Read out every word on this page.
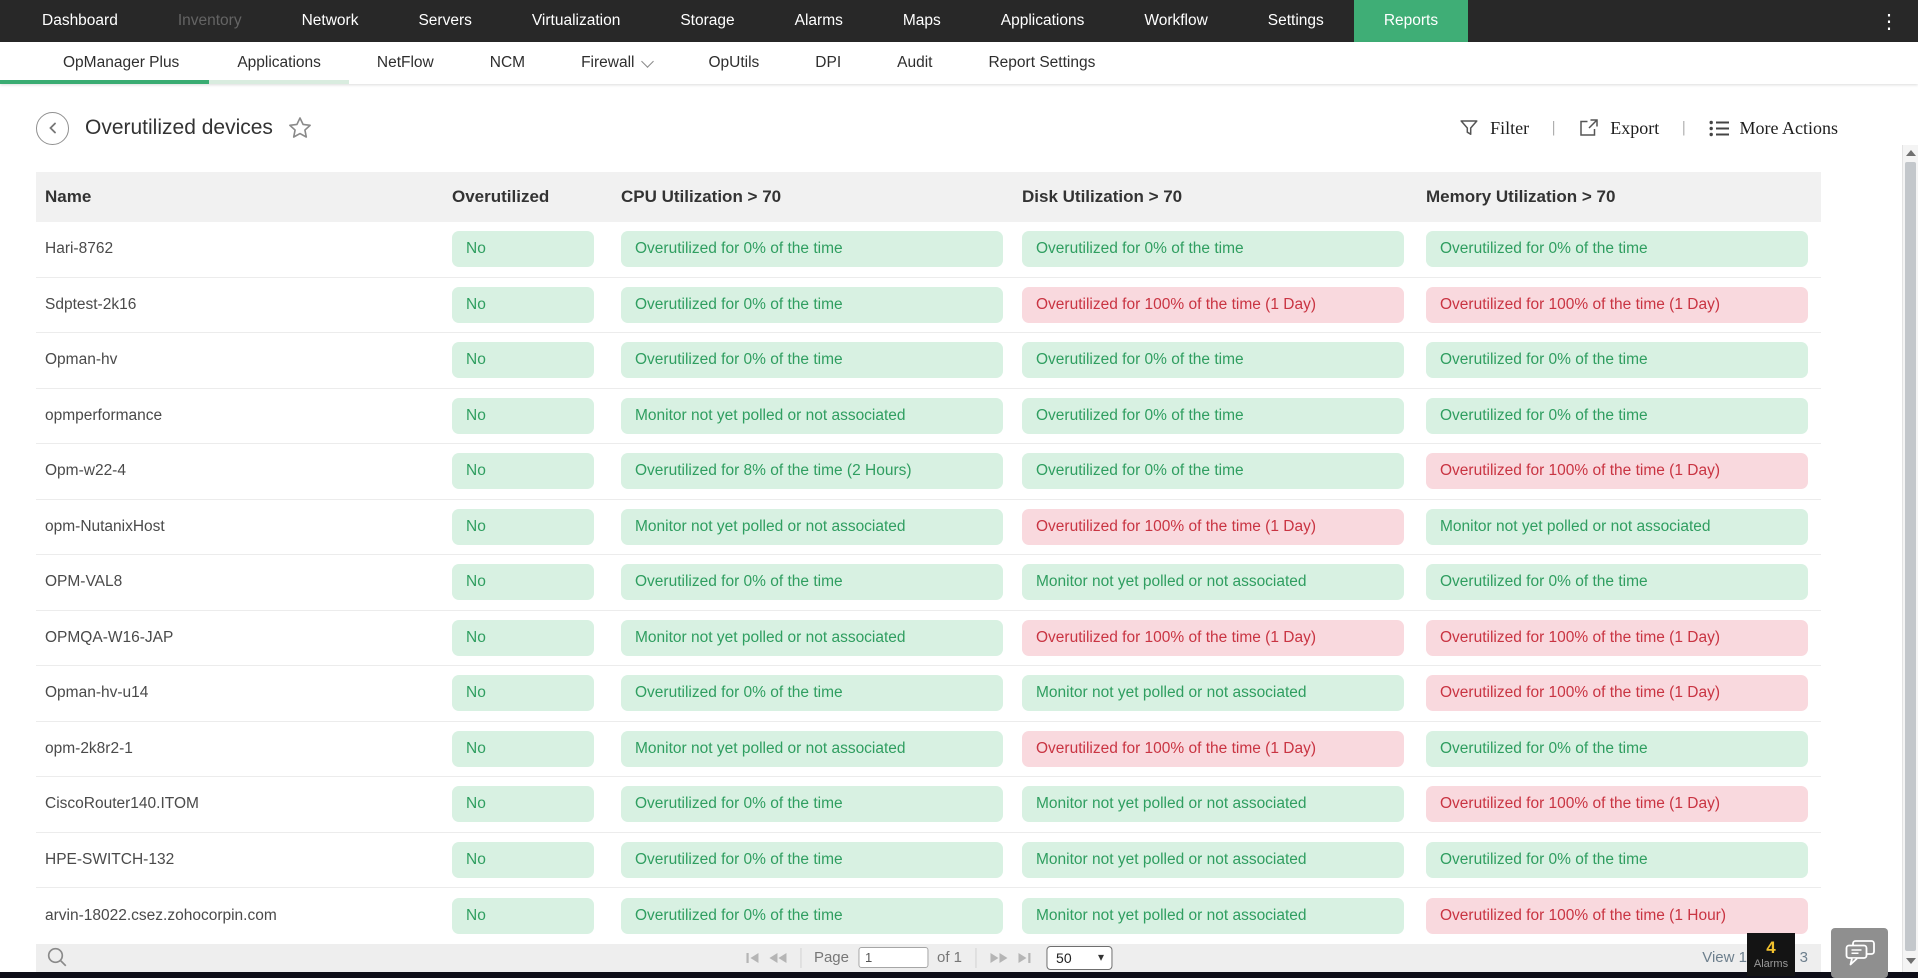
Dashboard	Inventory	Network	Servers	Virtualization	Storage	Alarms	Maps	Applications	Workflow	Settings	Reports	⋮
OpManager Plus	Applications	NetFlow	NCM	Firewall	OpUtils	DPI	Audit	Report Settings
Overutilized devices	Filter |	Export |	More Actions
Name	Overutilized	CPU Utilization > 70	Disk Utilization > 70	Memory Utilization > 70
Hari-8762	No	Overutilized for 0% of the time	Overutilized for 0% of the time	Overutilized for 0% of the time
Sdptest-2k16	No	Overutilized for 0% of the time	Overutilized for 100% of the time (1 Day)	Overutilized for 100% of the time (1 Day)
Opman-hv	No	Overutilized for 0% of the time	Overutilized for 0% of the time	Overutilized for 0% of the time
opmperformance	No	Monitor not yet polled or not associated	Overutilized for 0% of the time	Overutilized for 0% of the time
Opm-w22-4	No	Overutilized for 8% of the time (2 Hours)	Overutilized for 0% of the time	Overutilized for 100% of the time (1 Day)
opm-NutanixHost	No	Monitor not yet polled or not associated	Overutilized for 100% of the time (1 Day)	Monitor not yet polled or not associated
OPM-VAL8	No	Overutilized for 0% of the time	Monitor not yet polled or not associated	Overutilized for 0% of the time
OPMQA-W16-JAP	No	Monitor not yet polled or not associated	Overutilized for 100% of the time (1 Day)	Overutilized for 100% of the time (1 Day)
Opman-hv-u14	No	Overutilized for 0% of the time	Monitor not yet polled or not associated	Overutilized for 100% of the time (1 Day)
opm-2k8r2-1	No	Monitor not yet polled or not associated	Overutilized for 100% of the time (1 Day)	Overutilized for 0% of the time
CiscoRouter140.ITOM	No	Overutilized for 0% of the time	Monitor not yet polled or not associated	Overutilized for 100% of the time (1 Day)
HPE-SWITCH-132	No	Overutilized for 0% of the time	Monitor not yet polled or not associated	Overutilized for 0% of the time
arvin-18022.csez.zohocorpin.com	No	Overutilized for 0% of the time	Monitor not yet polled or not associated	Overutilized for 100% of the time (1 Hour)
Page
1	of 1
50	▾	View 1	3
4
Alarms
